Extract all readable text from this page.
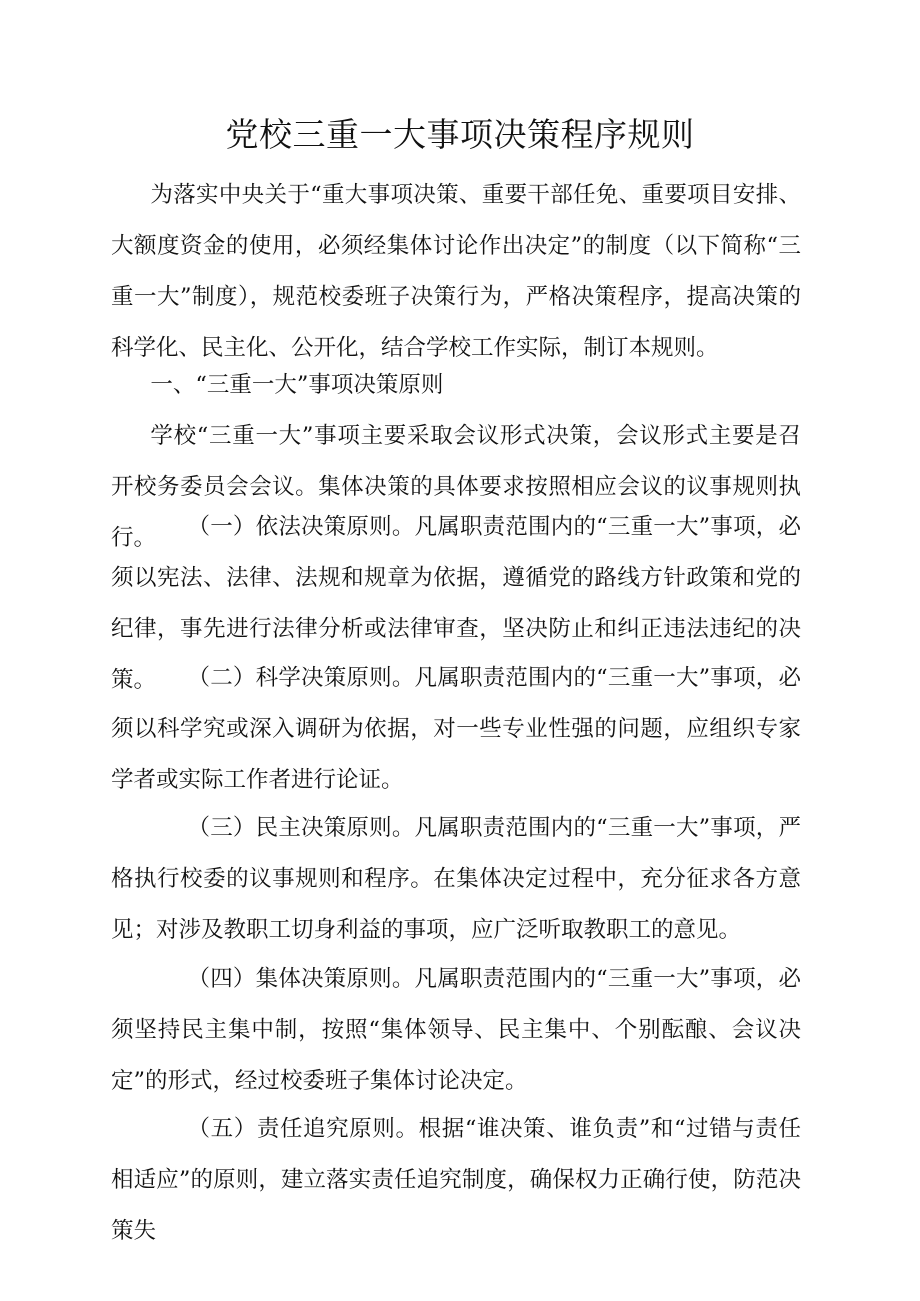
党校三重一大事项决策程序规则

为落实中央关于“重大事项决策、重要干部任免、重要项目安排、大额度资金的使用，必须经集体讨论作出决定”的制度（以下简称“三重一大”制度），规范校委班子决策行为，严格决策程序，提高决策的科学化、民主化、公开化，结合学校工作实际，制订本规则。

一、“三重一大”事项决策原则

学校“三重一大”事项主要采取会议形式决策，会议形式主要是召开校务委员会会议。集体决策的具体要求按照相应会议的议事规则执行。	（一）依法决策原则。凡属职责范围内的“三重一大”事项，必须以宪法、法律、法规和规章为依据，遵循党的路线方针政策和党的纪律，事先进行法律分析或法律审查，坚决防止和纠正违法违纪的决策。	（二）科学决策原则。凡属职责范围内的“三重一大”事项，必须以科学究或深入调研为依据，对一些专业性强的问题，应组织专家学者或实际工作者进行论证。

（三）民主决策原则。凡属职责范围内的“三重一大”事项，严格执行校委的议事规则和程序。在集体决定过程中，充分征求各方意见；对涉及教职工切身利益的事项，应广泛听取教职工的意见。

（四）集体决策原则。凡属职责范围内的“三重一大”事项，必须坚持民主集中制，按照“集体领导、民主集中、个别酝酿、会议决定”的形式，经过校委班子集体讨论决定。

（五）责任追究原则。根据“谁决策、谁负责”和“过错与责任相适应”的原则，建立落实责任追究制度，确保权力正确行使，防范决策失
